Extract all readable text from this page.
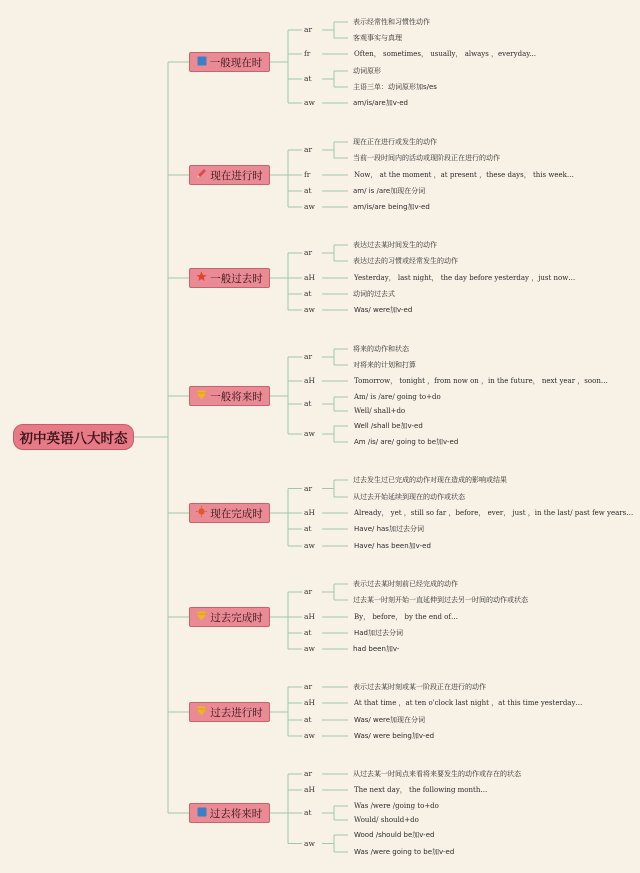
初中英语八大时态
一般现在时
ar
表示经常性和习惯性动作
客观事实与真理
fr	Often， sometimes， usually， always ，everyday...
at
动词原形
主语三单：动词原形加s/es
aw	am/is/are加v-ed
现在进行时
ar
现在正在进行或发生的动作
当前一段时间内的活动或现阶段正在进行的动作
fr	Now， at the moment ，at present ，these days， this week…
at	am/ is /are加现在分词
aw	am/is/are being加v-ed
一般过去时
ar
表达过去某时间发生的动作
表达过去的习惯或经常发生的动作
aH	Yesterday， last night， the day before yesterday ，just now…
at	动词的过去式
aw	Was/ were加v-ed
一般将来时
ar
将来的动作和状态
对将来的计划和打算
aH	Tomorrow， tonight ，from now on ，in the future， next year ，soon…
at
Am/ is /are/ going to+do
Well/ shall+do
aw
Well /shall be加v-ed
Am /is/ are/ going to be加v-ed
现在完成时
ar
过去发生过已完成的动作对现在造成的影响或结果
从过去开始延续到现在的动作或状态
aH	Already， yet ，still so far ，before， ever， just ，in the last/ past few years…
at	Have/ has加过去分词
aw	Have/ has been加v-ed
过去完成时
ar
表示过去某时刻前已经完成的动作
过去某一时刻开始一直延伸到过去另一时间的动作或状态
aH	By， before， by the end of…
at	Had加过去分词
aw	had been加v-
过去进行时
ar	表示过去某时刻或某一阶段正在进行的动作
aH	At that time ，at ten o'clock last night ，at this time yesterday…
at	Was/ were加现在分词
aw	Was/ were being加v-ed
过去将来时
ar	从过去某一时间点来看将来要发生的动作或存在的状态
aH	The next day， the following month…
at
Was /were /going to+do
Would/ should+do
aw
Wood /should be加v-ed
Was /were going to be加v-ed
